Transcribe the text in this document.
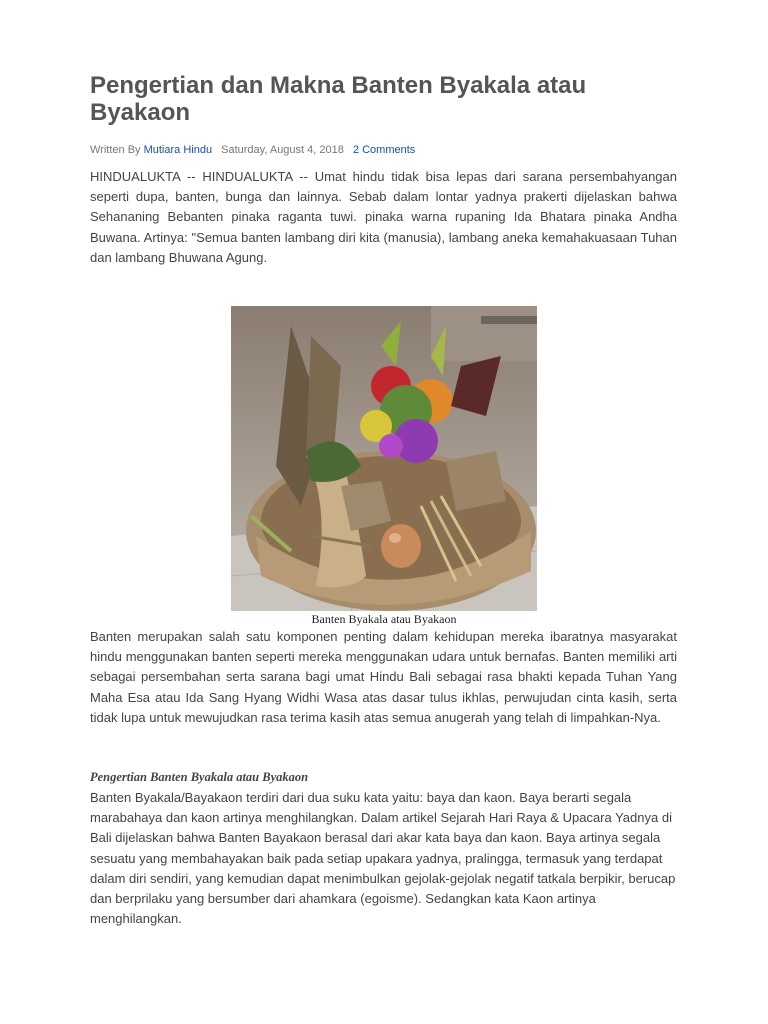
Pengertian dan Makna Banten Byakala atau Byakaon
Written By Mutiara Hindu Saturday, August 4, 2018 2 Comments

HINDUALUKTA -- HINDUALUKTA -- Umat hindu tidak bisa lepas dari sarana persembahyangan seperti dupa, banten, bunga dan lainnya. Sebab dalam lontar yadnya prakerti dijelaskan bahwa Sehananing Bebanten pinaka raganta tuwi. pinaka warna rupaning Ida Bhatara pinaka Andha Buwana. Artinya: "Semua banten lambang diri kita (manusia), lambang aneka kemahakuasaan Tuhan dan lambang Bhuwana Agung.

Banten Byakala atau Byakaon

Banten merupakan salah satu komponen penting dalam kehidupan mereka ibaratnya masyarakat hindu menggunakan banten seperti mereka menggunakan udara untuk bernafas. Banten memiliki arti sebagai persembahan serta sarana bagi umat Hindu Bali sebagai rasa bhakti kepada Tuhan Yang Maha Esa atau Ida Sang Hyang Widhi Wasa atas dasar tulus ikhlas, perwujudan cinta kasih, serta tidak lupa untuk mewujudkan rasa terima kasih atas semua anugerah yang telah di limpahkan-Nya.

Pengertian Banten Byakala atau Byakaon

Banten Byakala/Bayakaon terdiri dari dua suku kata yaitu: baya dan kaon. Baya berarti segala marabahaya dan kaon artinya menghilangkan. Dalam artikel Sejarah Hari Raya & Upacara Yadnya di Bali dijelaskan bahwa Banten Bayakaon berasal dari akar kata baya dan kaon. Baya artinya segala sesuatu yang membahayakan baik pada setiap upakara yadnya, pralingga, termasuk yang terdapat dalam diri sendiri, yang kemudian dapat menimbulkan gejolak-gejolak negatif tatkala berpikir, berucap dan berprilaku yang bersumber dari ahamkara (egoisme). Sedangkan kata Kaon artinya menghilangkan.
